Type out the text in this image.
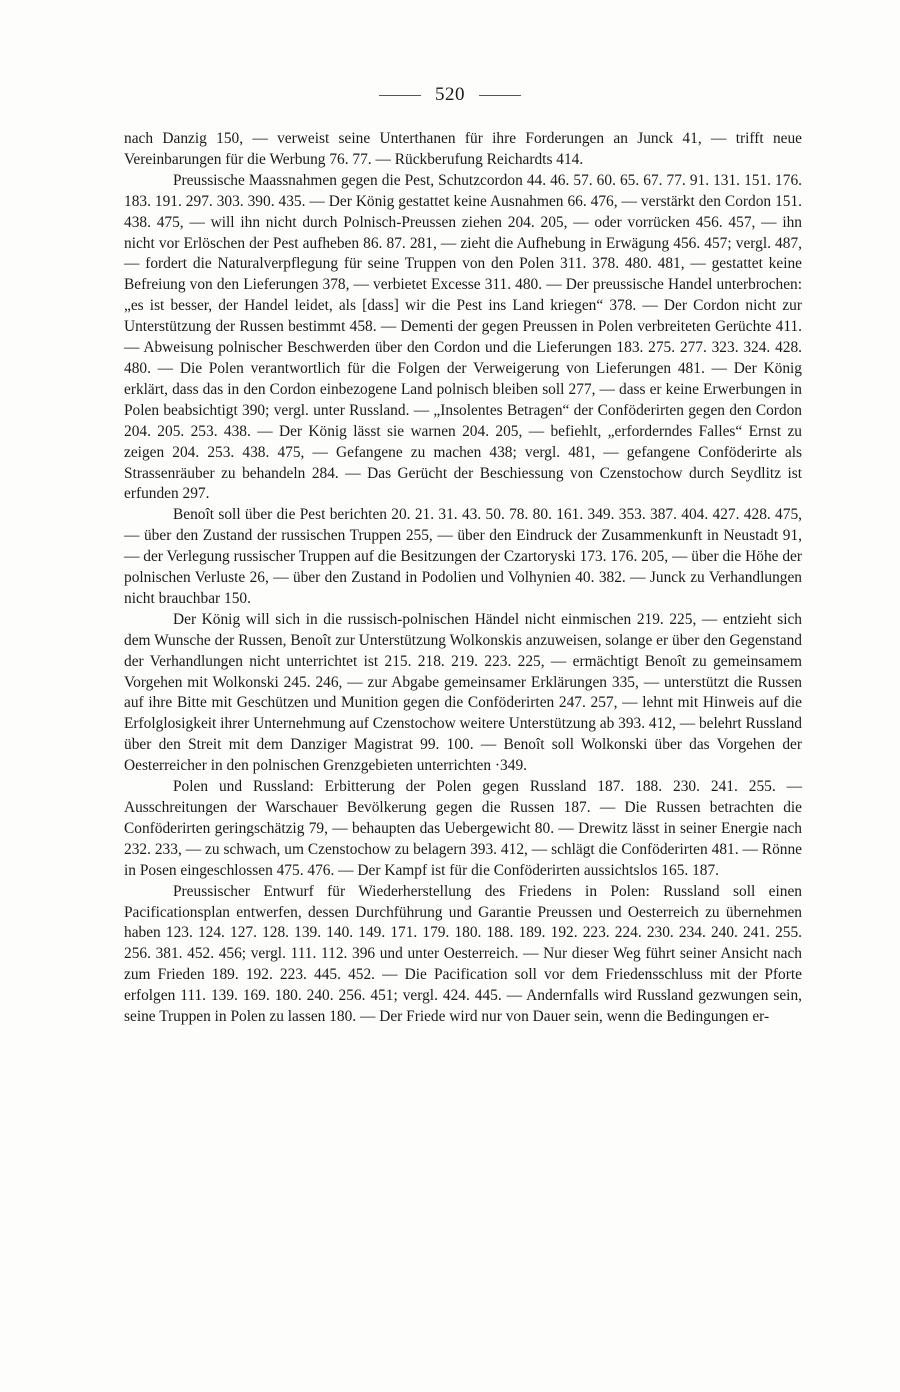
520

nach Danzig 150, — verweist seine Unterthanen für ihre Forderungen an Junck 41, — trifft neue Vereinbarungen für die Werbung 76. 77. — Rückberufung Reichardts 414.

Preussische Maassnahmen gegen die Pest, Schutzcordon 44. 46. 57. 60. 65. 67. 77. 91. 131. 151. 176. 183. 191. 297. 303. 390. 435. — Der König gestattet keine Ausnahmen 66. 476, — verstärkt den Cordon 151. 438. 475, — will ihn nicht durch Polnisch-Preussen ziehen 204. 205, — oder vorrücken 456. 457, — ihn nicht vor Erlöschen der Pest aufheben 86. 87. 281, — zieht die Aufhebung in Erwägung 456. 457; vergl. 487, — fordert die Naturalverpflegung für seine Truppen von den Polen 311. 378. 480. 481, — gestattet keine Befreiung von den Lieferungen 378, — verbietet Excesse 311. 480. — Der preussische Handel unterbrochen: „es ist besser, der Handel leidet, als [dass] wir die Pest ins Land kriegen“ 378. — Der Cordon nicht zur Unterstützung der Russen bestimmt 458. — Dementi der gegen Preussen in Polen verbreiteten Gerüchte 411. — Abweisung polnischer Beschwerden über den Cordon und die Lieferungen 183. 275. 277. 323. 324. 428. 480. — Die Polen verantwortlich für die Folgen der Verweigerung von Lieferungen 481. — Der König erklärt, dass das in den Cordon einbezogene Land polnisch bleiben soll 277, — dass er keine Erwerbungen in Polen beabsichtigt 390; vergl. unter Russland. — „Insolentes Betragen“ der Conföderirten gegen den Cordon 204. 205. 253. 438. — Der König lässt sie warnen 204. 205, — befiehlt, „erforderndes Falles“ Ernst zu zeigen 204. 253. 438. 475, — Gefangene zu machen 438; vergl. 481, — gefangene Conföderirte als Strassenräuber zu behandeln 284. — Das Gerücht der Beschiessung von Czenstochow durch Seydlitz ist erfunden 297.

Benoît soll über die Pest berichten 20. 21. 31. 43. 50. 78. 80. 161. 349. 353. 387. 404. 427. 428. 475, — über den Zustand der russischen Truppen 255, — über den Eindruck der Zusammenkunft in Neustadt 91, — der Verlegung russischer Truppen auf die Besitzungen der Czartoryski 173. 176. 205, — über die Höhe der polnischen Verluste 26, — über den Zustand in Podolien und Volhynien 40. 382. — Junck zu Verhandlungen nicht brauchbar 150.

Der König will sich in die russisch-polnischen Händel nicht einmischen 219. 225, — entzieht sich dem Wunsche der Russen, Benoît zur Unterstützung Wolkonskis anzuweisen, solange er über den Gegenstand der Verhandlungen nicht unterrichtet ist 215. 218. 219. 223. 225, — ermächtigt Benoît zu gemeinsamem Vorgehen mit Wolkonski 245. 246, — zur Abgabe gemeinsamer Erklärungen 335, — unterstützt die Russen auf ihre Bitte mit Geschützen und Munition gegen die Conföderirten 247. 257, — lehnt mit Hinweis auf die Erfolglosigkeit ihrer Unternehmung auf Czenstochow weitere Unterstützung ab 393. 412, — belehrt Russland über den Streit mit dem Danziger Magistrat 99. 100. — Benoît soll Wolkonski über das Vorgehen der Oesterreicher in den polnischen Grenzgebieten unterrichten ·349.

Polen und Russland: Erbitterung der Polen gegen Russland 187. 188. 230. 241. 255. — Ausschreitungen der Warschauer Bevölkerung gegen die Russen 187. — Die Russen betrachten die Conföderirten geringschätzig 79, — behaupten das Uebergewicht 80. — Drewitz lässt in seiner Energie nach 232. 233, — zu schwach, um Czenstochow zu belagern 393. 412, — schlägt die Conföderirten 481. — Rönne in Posen eingeschlossen 475. 476. — Der Kampf ist für die Conföderirten aussichtslos 165. 187.

Preussischer Entwurf für Wiederherstellung des Friedens in Polen: Russland soll einen Pacificationsplan entwerfen, dessen Durchführung und Garantie Preussen und Oesterreich zu übernehmen haben 123. 124. 127. 128. 139. 140. 149. 171. 179. 180. 188. 189. 192. 223. 224. 230. 234. 240. 241. 255. 256. 381. 452. 456; vergl. 111. 112. 396 und unter Oesterreich. — Nur dieser Weg führt seiner Ansicht nach zum Frieden 189. 192. 223. 445. 452. — Die Pacification soll vor dem Friedensschluss mit der Pforte erfolgen 111. 139. 169. 180. 240. 256. 451; vergl. 424. 445. — Andernfalls wird Russland gezwungen sein, seine Truppen in Polen zu lassen 180. — Der Friede wird nur von Dauer sein, wenn die Bedingungen er-
